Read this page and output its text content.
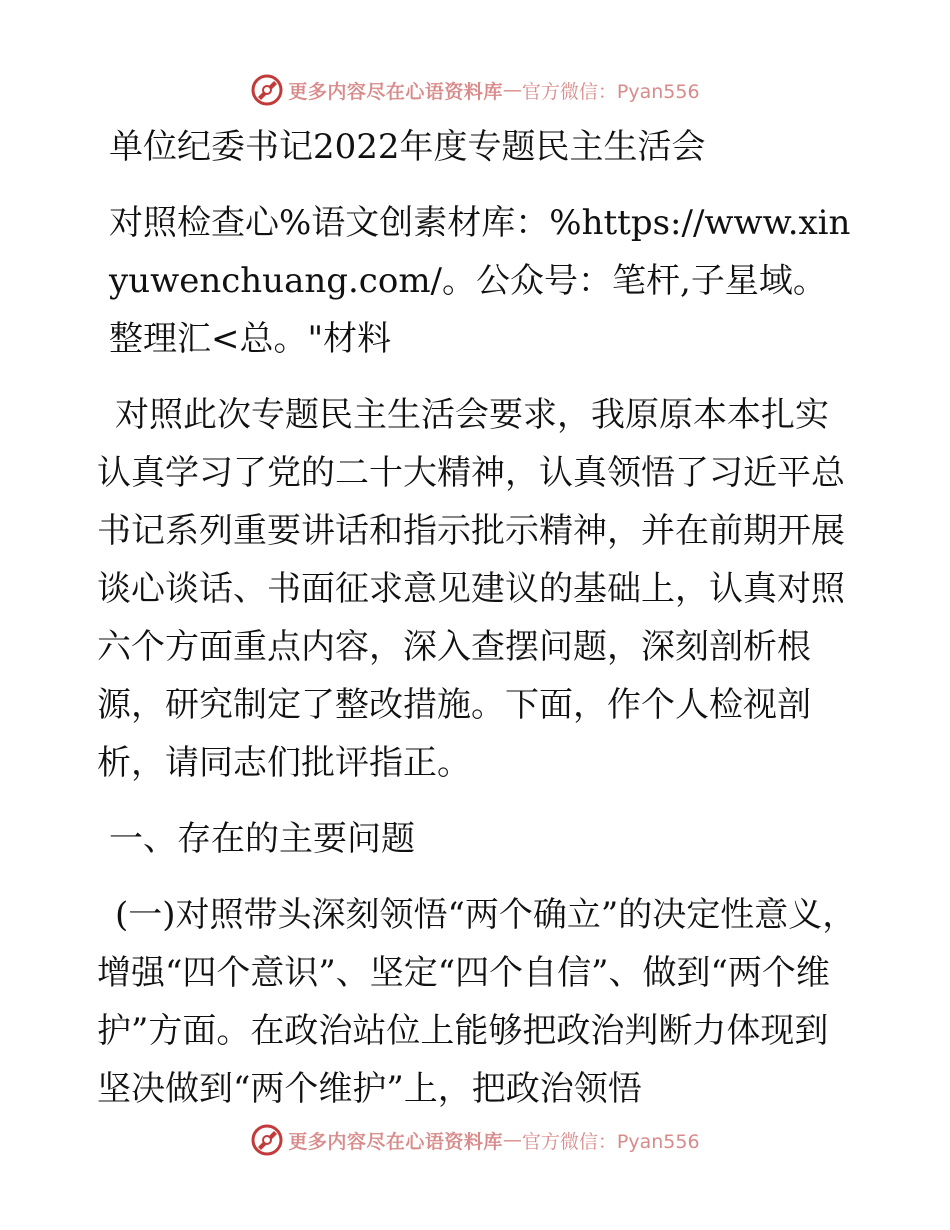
更多内容尽在心语资料库 — 官方微信：Pyan556

单位纪委书记2022年度专题民主生活会

对照检查心%语文创素材库：%https://www.xinyuwenchuang.com/。公众号：笔杆,子星域。整理汇<总。"材料

对照此次专题民主生活会要求，我原原本本扎实认真学习了党的二十大精神，认真领悟了习近平总书记系列重要讲话和指示批示精神，并在前期开展谈心谈话、书面征求意见建议的基础上，认真对照六个方面重点内容，深入查摆问题，深刻剖析根源，研究制定了整改措施。下面，作个人检视剖析，请同志们批评指正。

一、存在的主要问题

(一)对照带头深刻领悟“两个确立”的决定性意义，增强“四个意识”、坚定“四个自信”、做到“两个维护”方面。在政治站位上能够把政治判断力体现到坚决做到“两个维护”上，把政治领悟

更多内容尽在心语资料库 — 官方微信：Pyan556
